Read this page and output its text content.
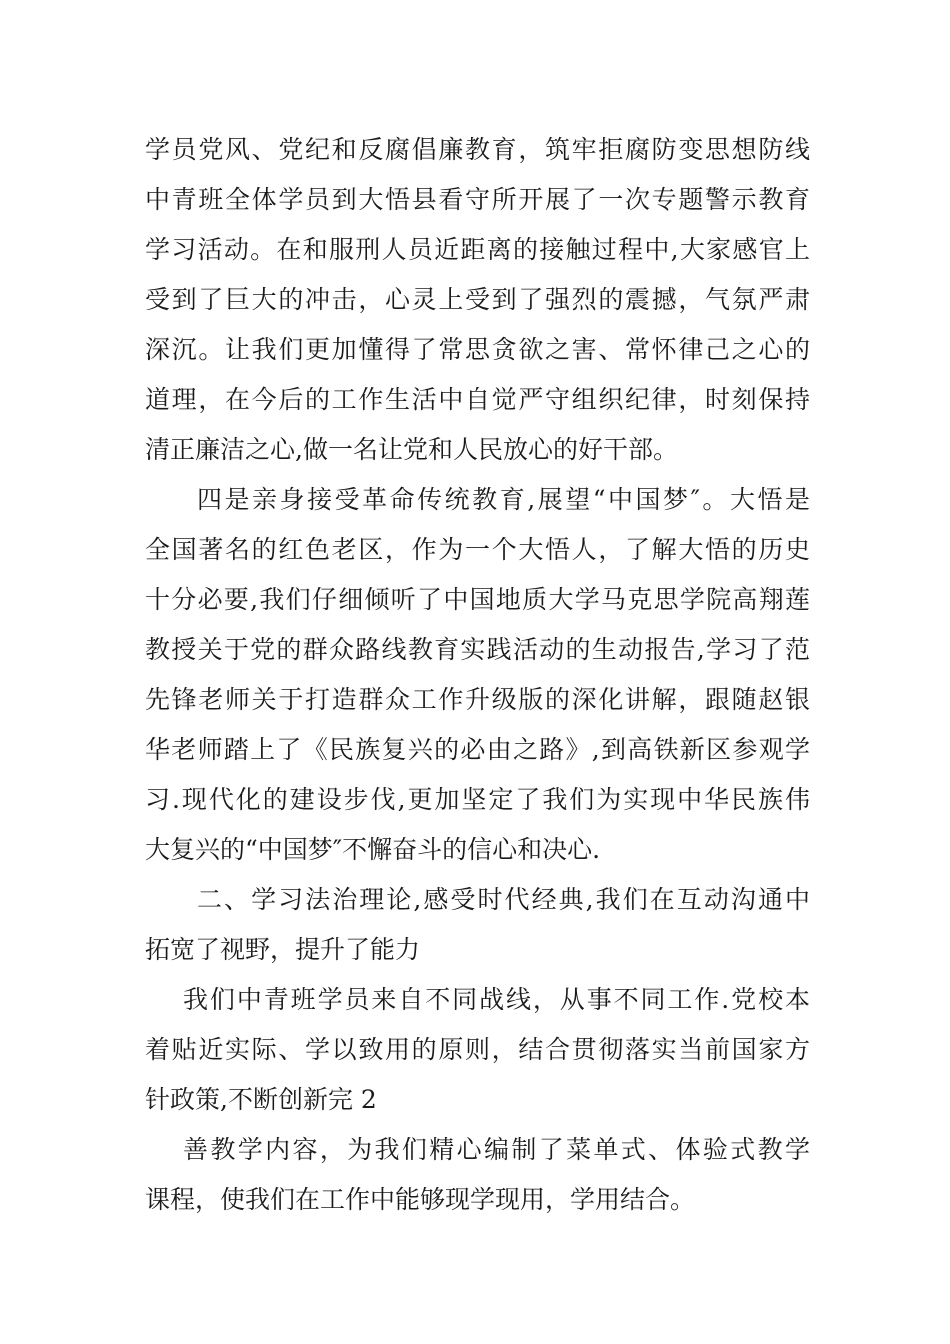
学员党风、党纪和反腐倡廉教育，筑牢拒腐防变思想防线
中青班全体学员到大悟县看守所开展了一次专题警示教育
学习活动。在和服刑人员近距离的接触过程中,大家感官上
受到了巨大的冲击，心灵上受到了强烈的震撼，气氛严肃
深沉。让我们更加懂得了常思贪欲之害、常怀律己之心的
道理，在今后的工作生活中自觉严守组织纪律，时刻保持
清正廉洁之心,做一名让党和人民放心的好干部。
四是亲身接受革命传统教育,展望“中国梦″。大悟是
全国著名的红色老区，作为一个大悟人，了解大悟的历史
十分必要,我们仔细倾听了中国地质大学马克思学院高翔莲
教授关于党的群众路线教育实践活动的生动报告,学习了范
先锋老师关于打造群众工作升级版的深化讲解，跟随赵银
华老师踏上了《民族复兴的必由之路》,到高铁新区参观学
习.现代化的建设步伐,更加坚定了我们为实现中华民族伟
大复兴的“中国梦″不懈奋斗的信心和决心.
二、学习法治理论,感受时代经典,我们在互动沟通中
拓宽了视野，提升了能力
我们中青班学员来自不同战线，从事不同工作.党校本
着贴近实际、学以致用的原则，结合贯彻落实当前国家方
针政策,不断创新完 2
善教学内容，为我们精心编制了菜单式、体验式教学
课程，使我们在工作中能够现学现用，学用结合。
